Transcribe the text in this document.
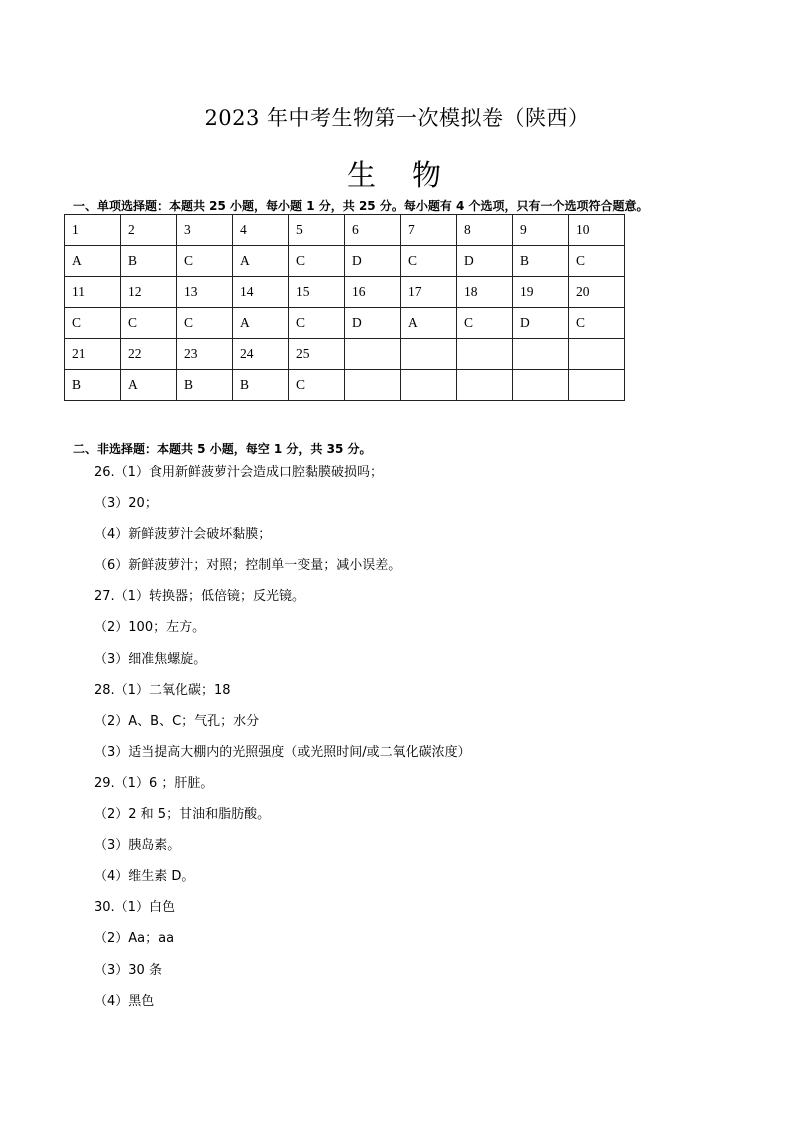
2023 年中考生物第一次模拟卷（陕西）
生 物
一、单项选择题：本题共 25 小题，每小题 1 分，共 25 分。每小题有 4 个选项，只有一个选项符合题意。
1	2	3	4	5	6	7	8	9	10
A	B	C	A	C	D	C	D	B	C
11	12	13	14	15	16	17	18	19	20
C	C	C	A	C	D	A	C	D	C
21	22	23	24	25					
B	A	B	B	C					
二、非选择题：本题共 5 小题，每空 1 分，共 35 分。
26.（1）食用新鲜菠萝汁会造成口腔黏膜破损吗；
（3）20；
（4）新鲜菠萝汁会破坏黏膜；
（6）新鲜菠萝汁；对照；控制单一变量；减小误差。
27.（1）转换器；低倍镜；反光镜。
（2）100；左方。
（3）细准焦螺旋。
28.（1）二氧化碳；18
（2）A、B、C；气孔；水分
（3）适当提高大棚内的光照强度（或光照时间/或二氧化碳浓度）
29.（1）6 ；肝脏。
（2）2 和 5；甘油和脂肪酸。
（3）胰岛素。
（4）维生素 D。
30.（1）白色
（2）Aa；aa
（3）30 条
（4）黑色
